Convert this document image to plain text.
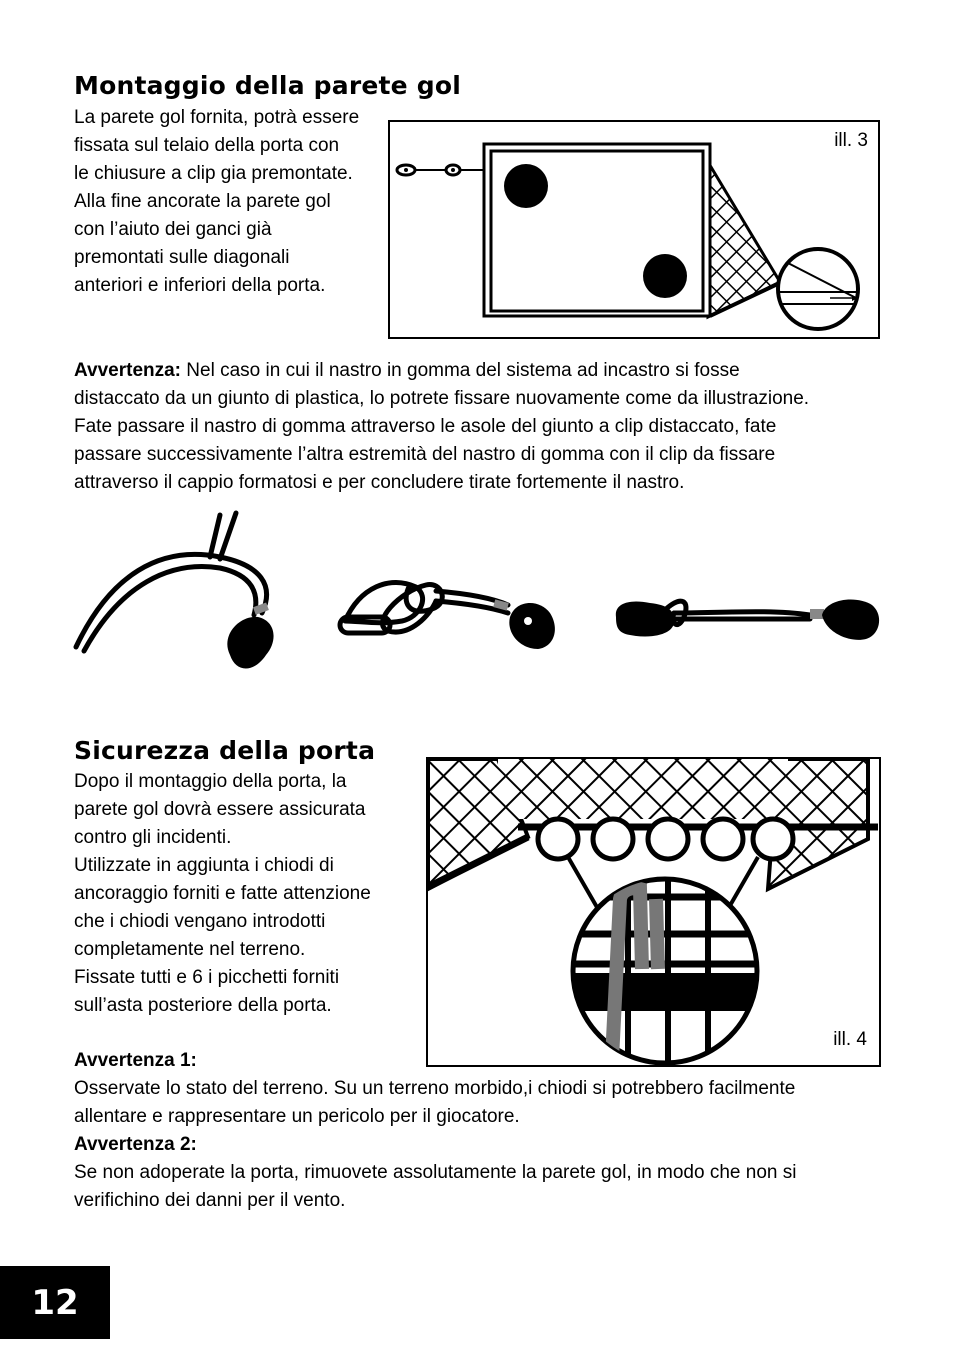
Montaggio della parete gol
La parete gol fornita, potrà essere
fissata sul telaio della porta con
le chiusure a clip gia premontate.
Alla fine ancorate la parete gol
con l’aiuto dei ganci già
premontati sulle diagonali
anteriori e inferiori della porta.
ill. 3
Avvertenza: Nel caso in cui il nastro in gomma del sistema ad incastro si fosse
distaccato da un giunto di plastica, lo potrete fissare nuovamente come da illustrazione.
Fate passare il nastro di gomma attraverso le asole del giunto a clip distaccato, fate
passare successivamente l’altra estremità del nastro di gomma con il clip da fissare
attraverso il cappio formatosi e per concludere tirate fortemente il nastro.
Sicurezza della porta
Dopo il montaggio della porta, la
parete gol dovrà essere assicurata
contro gli incidenti.
Utilizzate in aggiunta i chiodi di
ancoraggio forniti e fatte attenzione
che i chiodi vengano introdotti
completamente nel terreno.
Fissate tutti e 6 i picchetti forniti
sull’asta posteriore della porta.
ill. 4
Avvertenza 1:
Osservate lo stato del terreno. Su un terreno morbido,i chiodi si potrebbero facilmente
allentare e rappresentare un pericolo per il giocatore.
Avvertenza 2:
Se non adoperate la porta, rimuovete assolutamente la parete gol, in modo che non si
verifichino dei danni per il vento.
12
